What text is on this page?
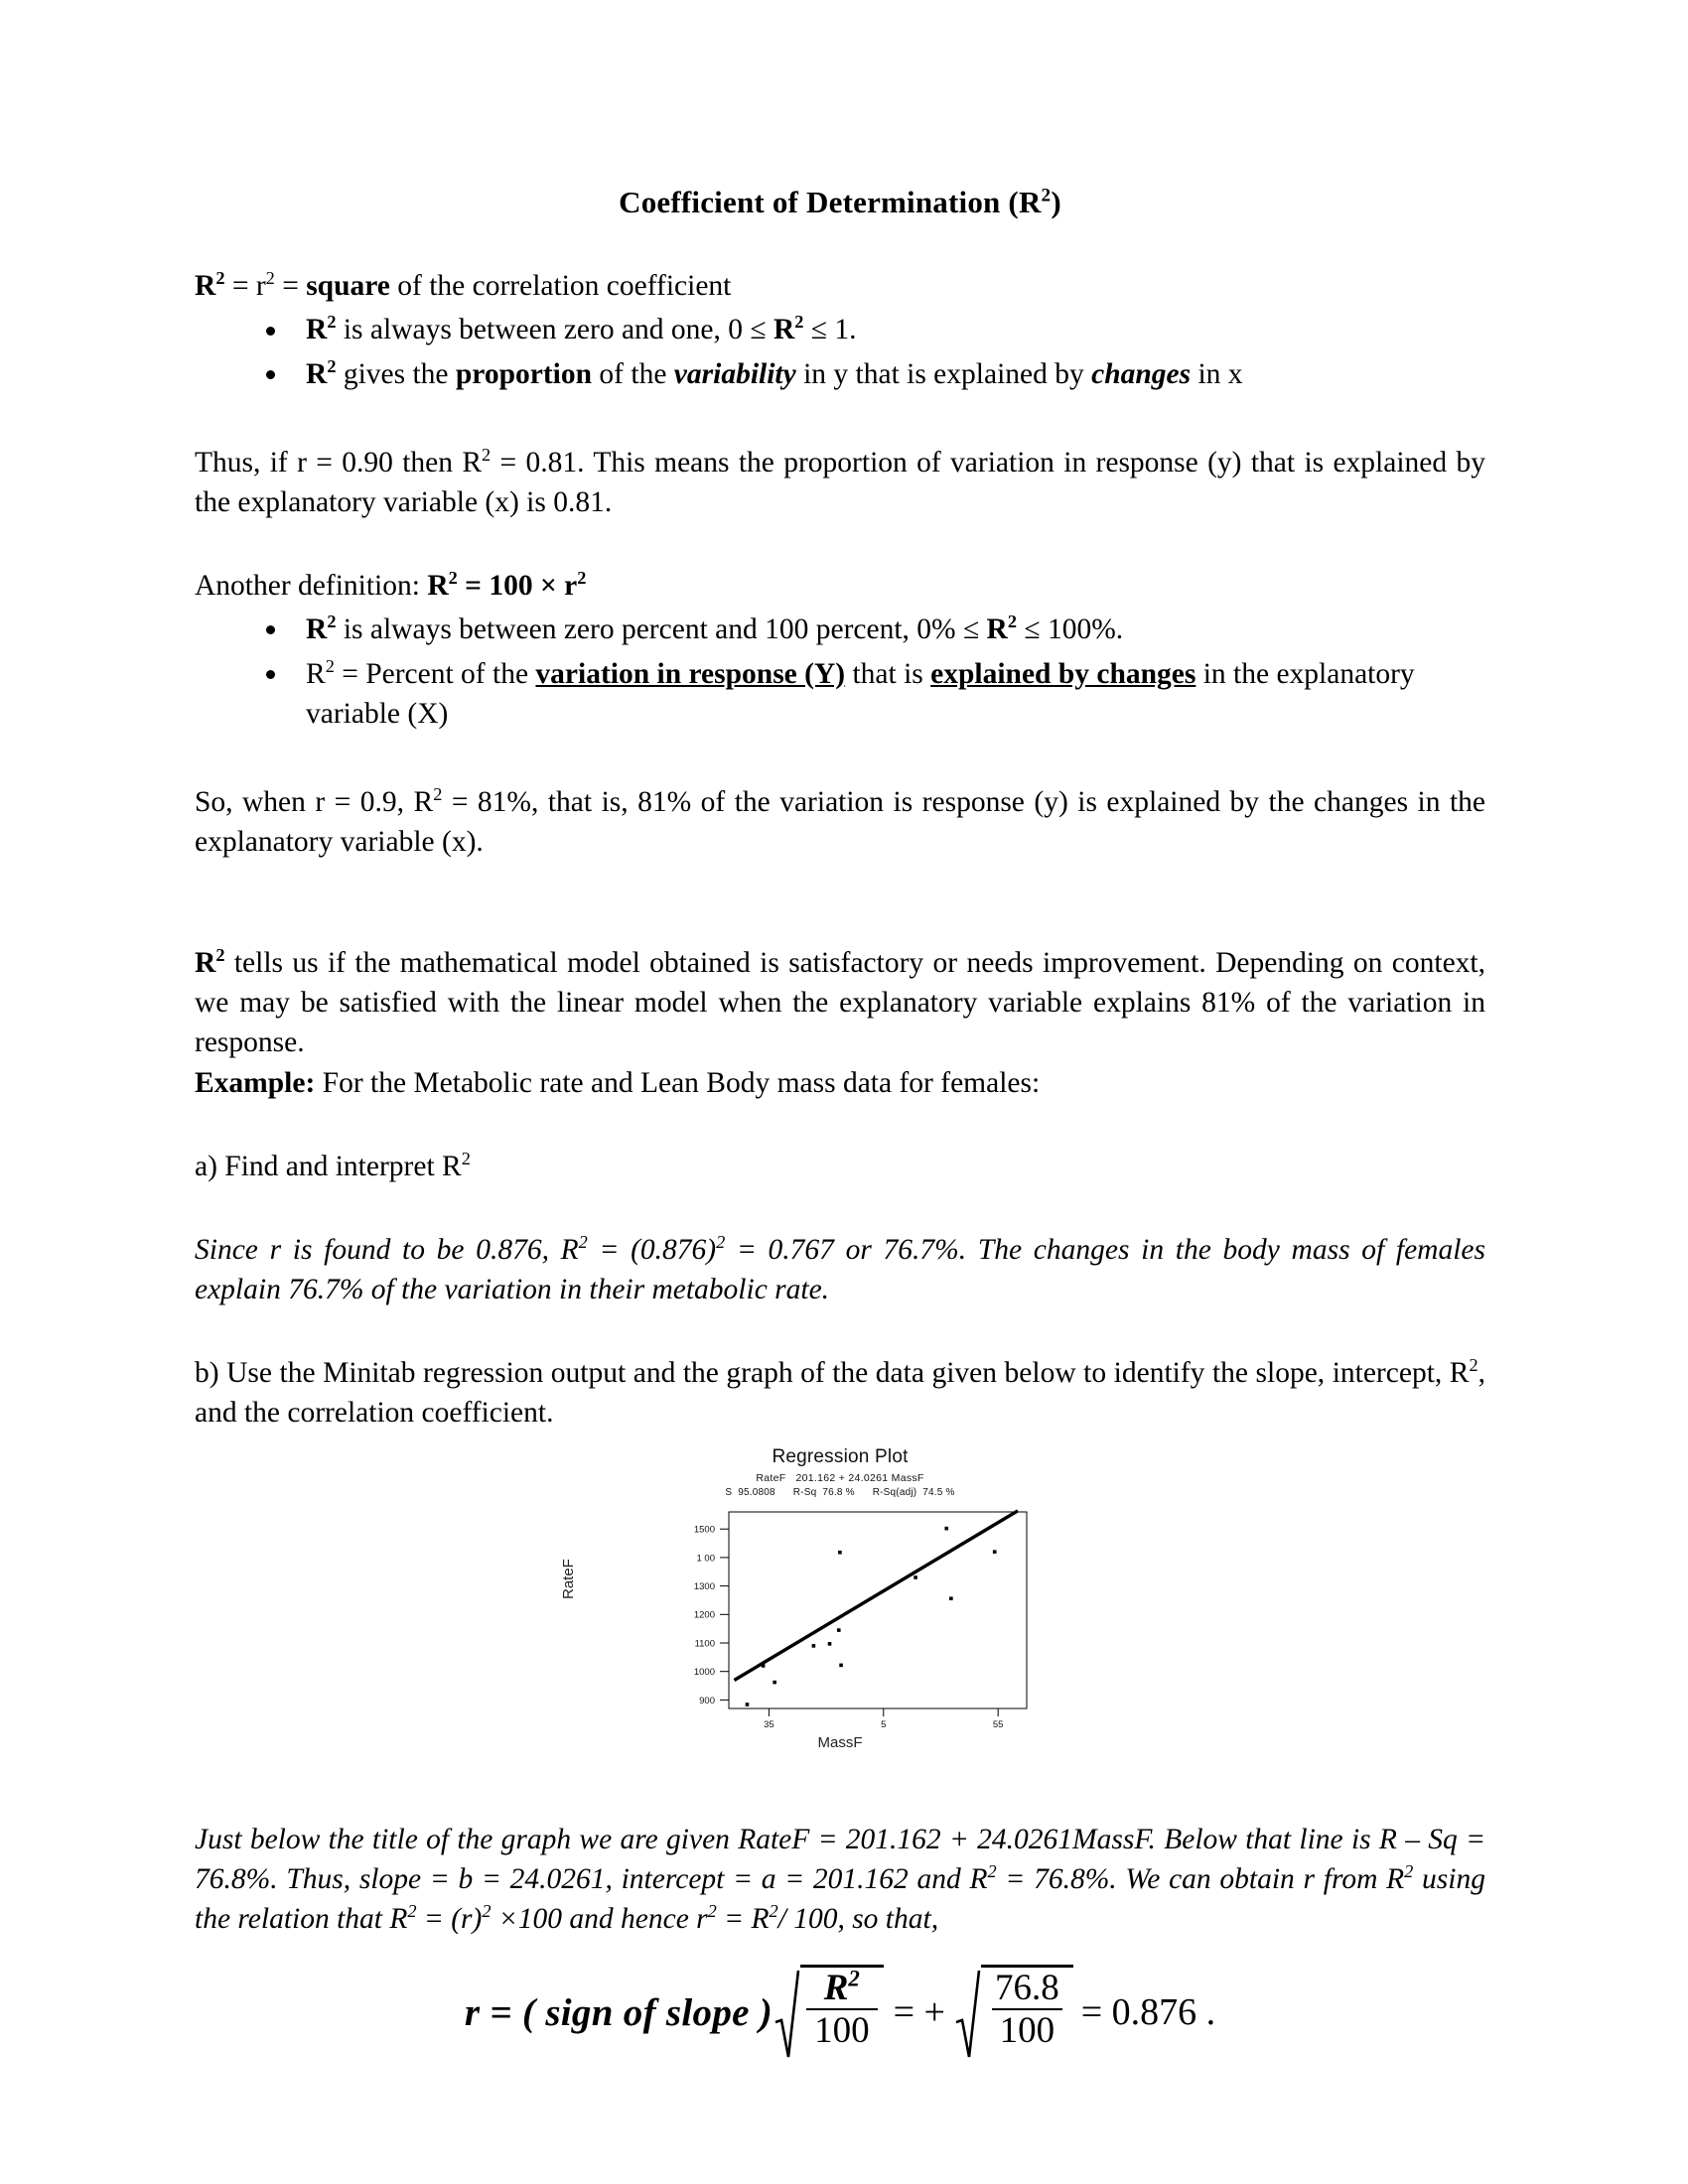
Coefficient of Determination $(R^2)$

$R^2 = r^2$ = square of the correlation coefficient

$R^2$ is always between zero and one, $0 \le R^2 \le 1$.
$R^2$ gives the proportion of the variability in y that is explained by changes in x

Thus, if r = 0.90 then $R^2 = 0.81$. This means the proportion of variation in response (y) that is explained by the explanatory variable (x) is 0.81.

Another definition: $R^2 = 100 \times r^2$

$R^2$ is always between zero percent and 100 percent, $0\% \le R^2 \le 100\%$.
$R^2$ = Percent of the variation in response (Y) that is explained by changes in the explanatory variable (X)

So, when r = 0.9, $R^2 = 81\%$, that is, 81% of the variation is response (y) is explained by the changes in the explanatory variable (x).

$R^2$ tells us if the mathematical model obtained is satisfactory or needs improvement. Depending on context, we may be satisfied with the linear model when the explanatory variable explains 81% of the variation in response.

Example: For the Metabolic rate and Lean Body mass data for females:

a) Find and interpret $R^2$

Since r is found to be 0.876, $R^2 = (0.876)^2 = 0.767$ or 76.7%. The changes in the body mass of females explain 76.7% of the variation in their metabolic rate.

b) Use the Minitab regression output and the graph of the data given below to identify the slope, intercept, $R^2$, and the correlation coefficient.

Regression Plot
RateF 201.162 + 24.0261 MassF
S 95.0808 R-Sq 76.8 % R-Sq(adj) 74.5 %
RateF
900
1000
1100
1200
1300
1 00
1500
35	5	55
MassF

Just below the title of the graph we are given RateF = 201.162 + 24.0261MassF. Below that line is R – Sq = 76.8%. Thus, slope = b = 24.0261, intercept = a = 201.162 and $R^2 = 76.8\%$. We can obtain r from $R^2$ using the relation that $R^2 = (r)^2 \times 100$ and hence $r^2 = R^2/$ 100, so that,

r = ( sign of slope ) $\frac{R^2}{100}$ = + $\frac{76.8}{100} = 0.876$ .
